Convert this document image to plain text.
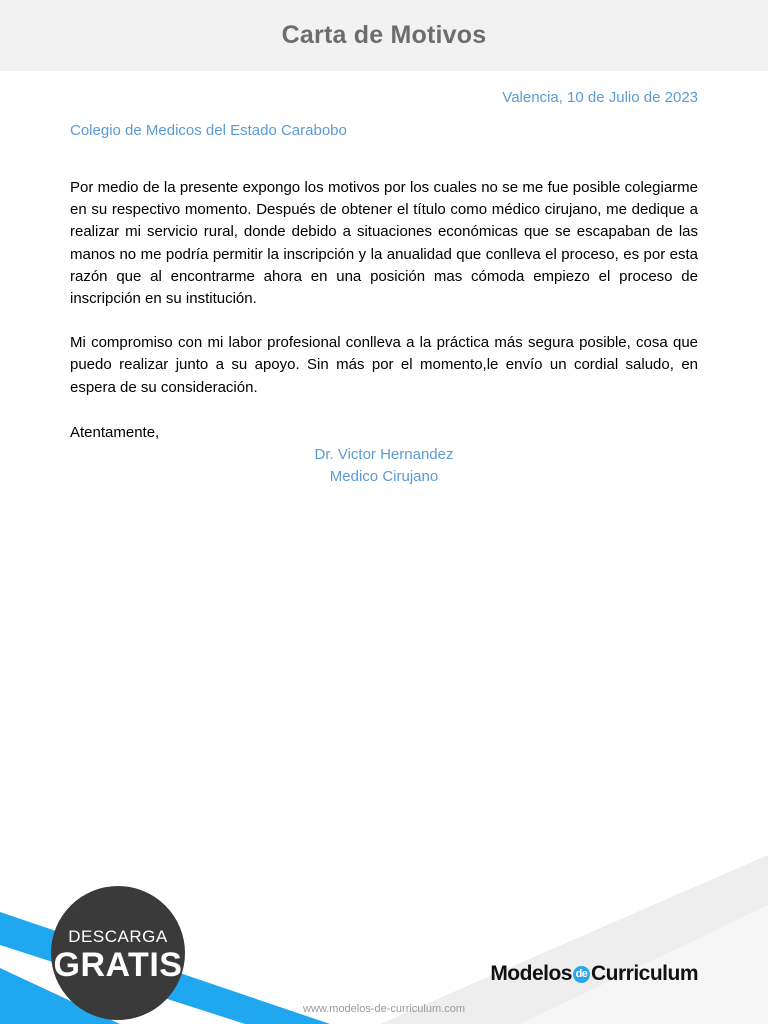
Carta de Motivos
Valencia, 10 de Julio de 2023
Colegio de Medicos del Estado Carabobo

Por medio de la presente expongo los motivos por los cuales no se me fue posible colegiarme en su respectivo momento. Después de obtener el título como médico cirujano, me dedique a realizar mi servicio rural, donde debido a situaciones económicas que se escapaban de las manos no me podría permitir la inscripción y la anualidad que conlleva el proceso, es por esta razón que al encontrarme ahora en una posición mas cómoda empiezo el proceso de inscripción en su institución.

Mi compromiso con mi labor profesional conlleva a la práctica más segura posible, cosa que puedo realizar junto a su apoyo. Sin más por el momento,le envío un cordial saludo, en espera de su consideración.

Atentamente,
Dr. Victor Hernandez
Medico Cirujano
DESCARGA
GRATIS	Modelos de Curriculum
www.modelos-de-curriculum.com
